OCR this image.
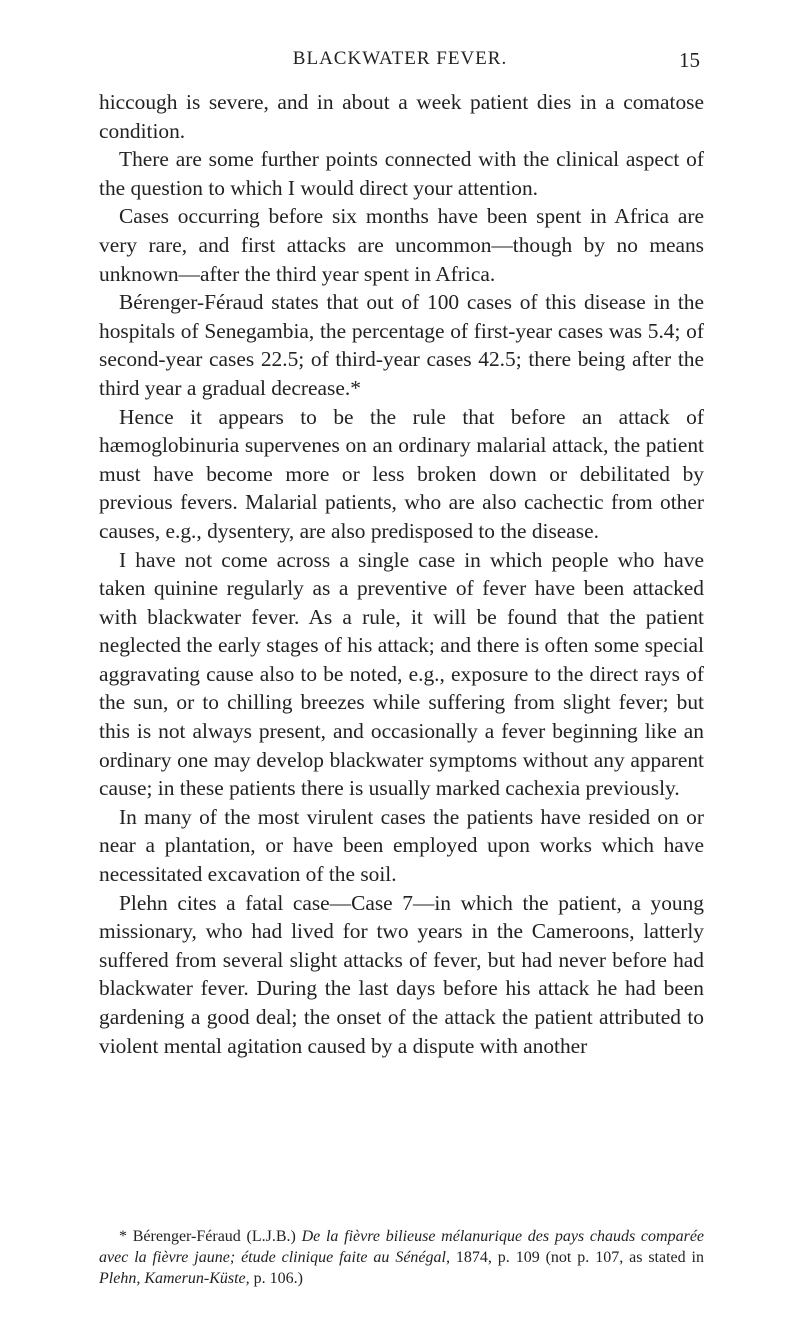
BLACKWATER FEVER.	15

hiccough is severe, and in about a week patient dies in a comatose condition.

There are some further points connected with the clinical aspect of the question to which I would direct your attention.

Cases occurring before six months have been spent in Africa are very rare, and first attacks are uncommon—though by no means unknown—after the third year spent in Africa.

Bérenger-Féraud states that out of 100 cases of this disease in the hospitals of Senegambia, the percentage of first-year cases was 5.4; of second-year cases 22.5; of third-year cases 42.5; there being after the third year a gradual decrease.*

Hence it appears to be the rule that before an attack of hæmoglobinuria supervenes on an ordinary malarial attack, the patient must have become more or less broken down or debilitated by previous fevers. Malarial patients, who are also cachectic from other causes, e.g., dysentery, are also predisposed to the disease.

I have not come across a single case in which people who have taken quinine regularly as a preventive of fever have been attacked with blackwater fever. As a rule, it will be found that the patient neglected the early stages of his attack; and there is often some special aggravating cause also to be noted, e.g., exposure to the direct rays of the sun, or to chilling breezes while suffering from slight fever; but this is not always present, and occasionally a fever beginning like an ordinary one may develop blackwater symptoms without any apparent cause; in these patients there is usually marked cachexia previously.

In many of the most virulent cases the patients have resided on or near a plantation, or have been employed upon works which have necessitated excavation of the soil.

Plehn cites a fatal case—Case 7—in which the patient, a young missionary, who had lived for two years in the Cameroons, latterly suffered from several slight attacks of fever, but had never before had blackwater fever. During the last days before his attack he had been gardening a good deal; the onset of the attack the patient attributed to violent mental agitation caused by a dispute with another

* Bérenger-Féraud (L.J.B.) De la fièvre bilieuse mélanurique des pays chauds comparée avec la fièvre jaune; étude clinique faite au Sénégal, 1874, p. 109 (not p. 107, as stated in Plehn, Kamerun-Küste, p. 106.)
